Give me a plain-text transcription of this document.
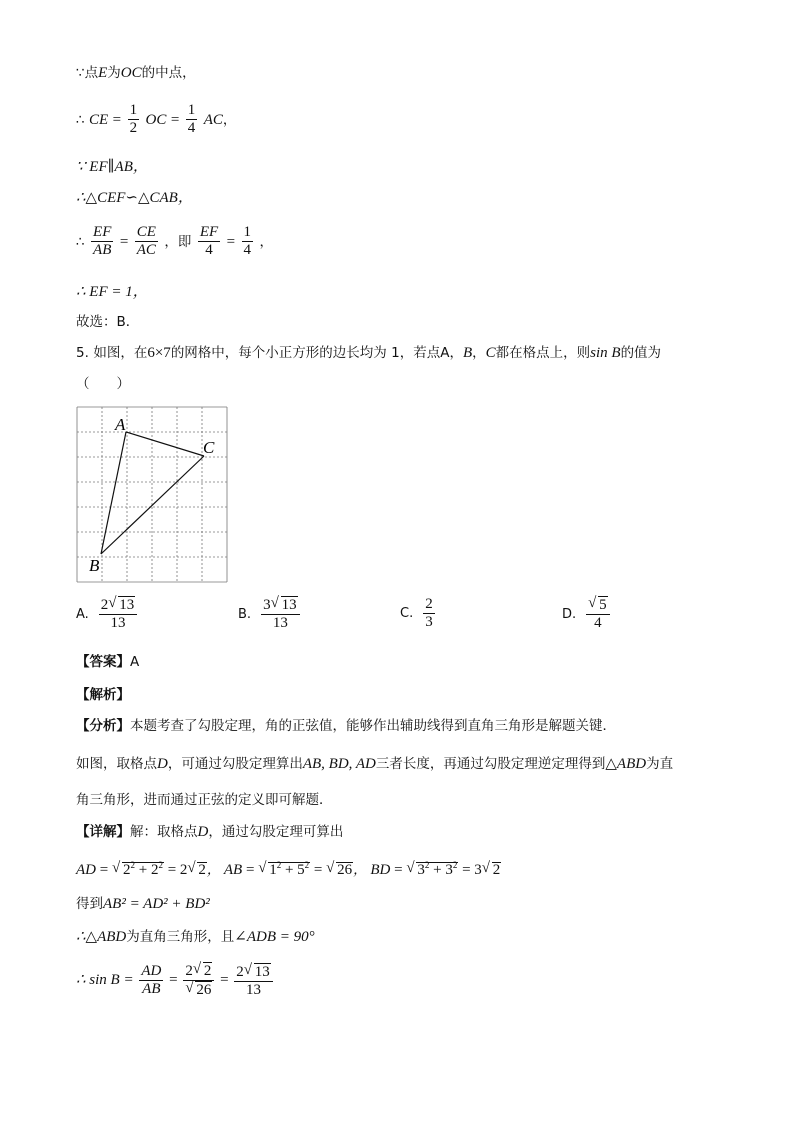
∵点E为OC的中点，
∴ CE = $\frac{1}{2}$ OC = $\frac{1}{4}$ AC，
∵ EF∥AB，
∴△CEF∽△CAB，
∴ $\frac{EF}{AB} = \frac{CE}{AC}$ ，即 $\frac{EF}{4} = \frac{1}{4}$ ，
∴ EF = 1，
故选：B．
5. 如图，在6×7的网格中，每个小正方形的边长均为 1，若点A，B，C都在格点上，则sin B的值为
（　　）
A
B
C
A. $\frac{2√ 13}{13}$	B. $\frac{3√ 13}{13}$	C. $\frac{2}{3}$	D.
√ $\frac{5}{4}$
【答案】A
【解析】
【分析】本题考查了勾股定理，角的正弦值，能够作出辅助线得到直角三角形是解题关键．
如图，取格点D，可通过勾股定理算出AB, BD, AD三者长度，再通过勾股定理逆定理得到△ABD为直
角三角形，进而通过正弦的定义即可解题．
【详解】解：取格点D，通过勾股定理可算出
AD = √ $2^2 + 2^2 = 2√$ 2， AB = √ $1^2 + 5^2$ = √ 26， BD = √ $3^2 + 3^2 = 3√$ 2
得到AB² = AD² + BD²
∴△ABD为直角三角形，且∠ADB = 90°
∴ $\sin B = \frac{AD}{AB} = 2√$ 2
√ $26 = \frac{2√ 13}{13}$
